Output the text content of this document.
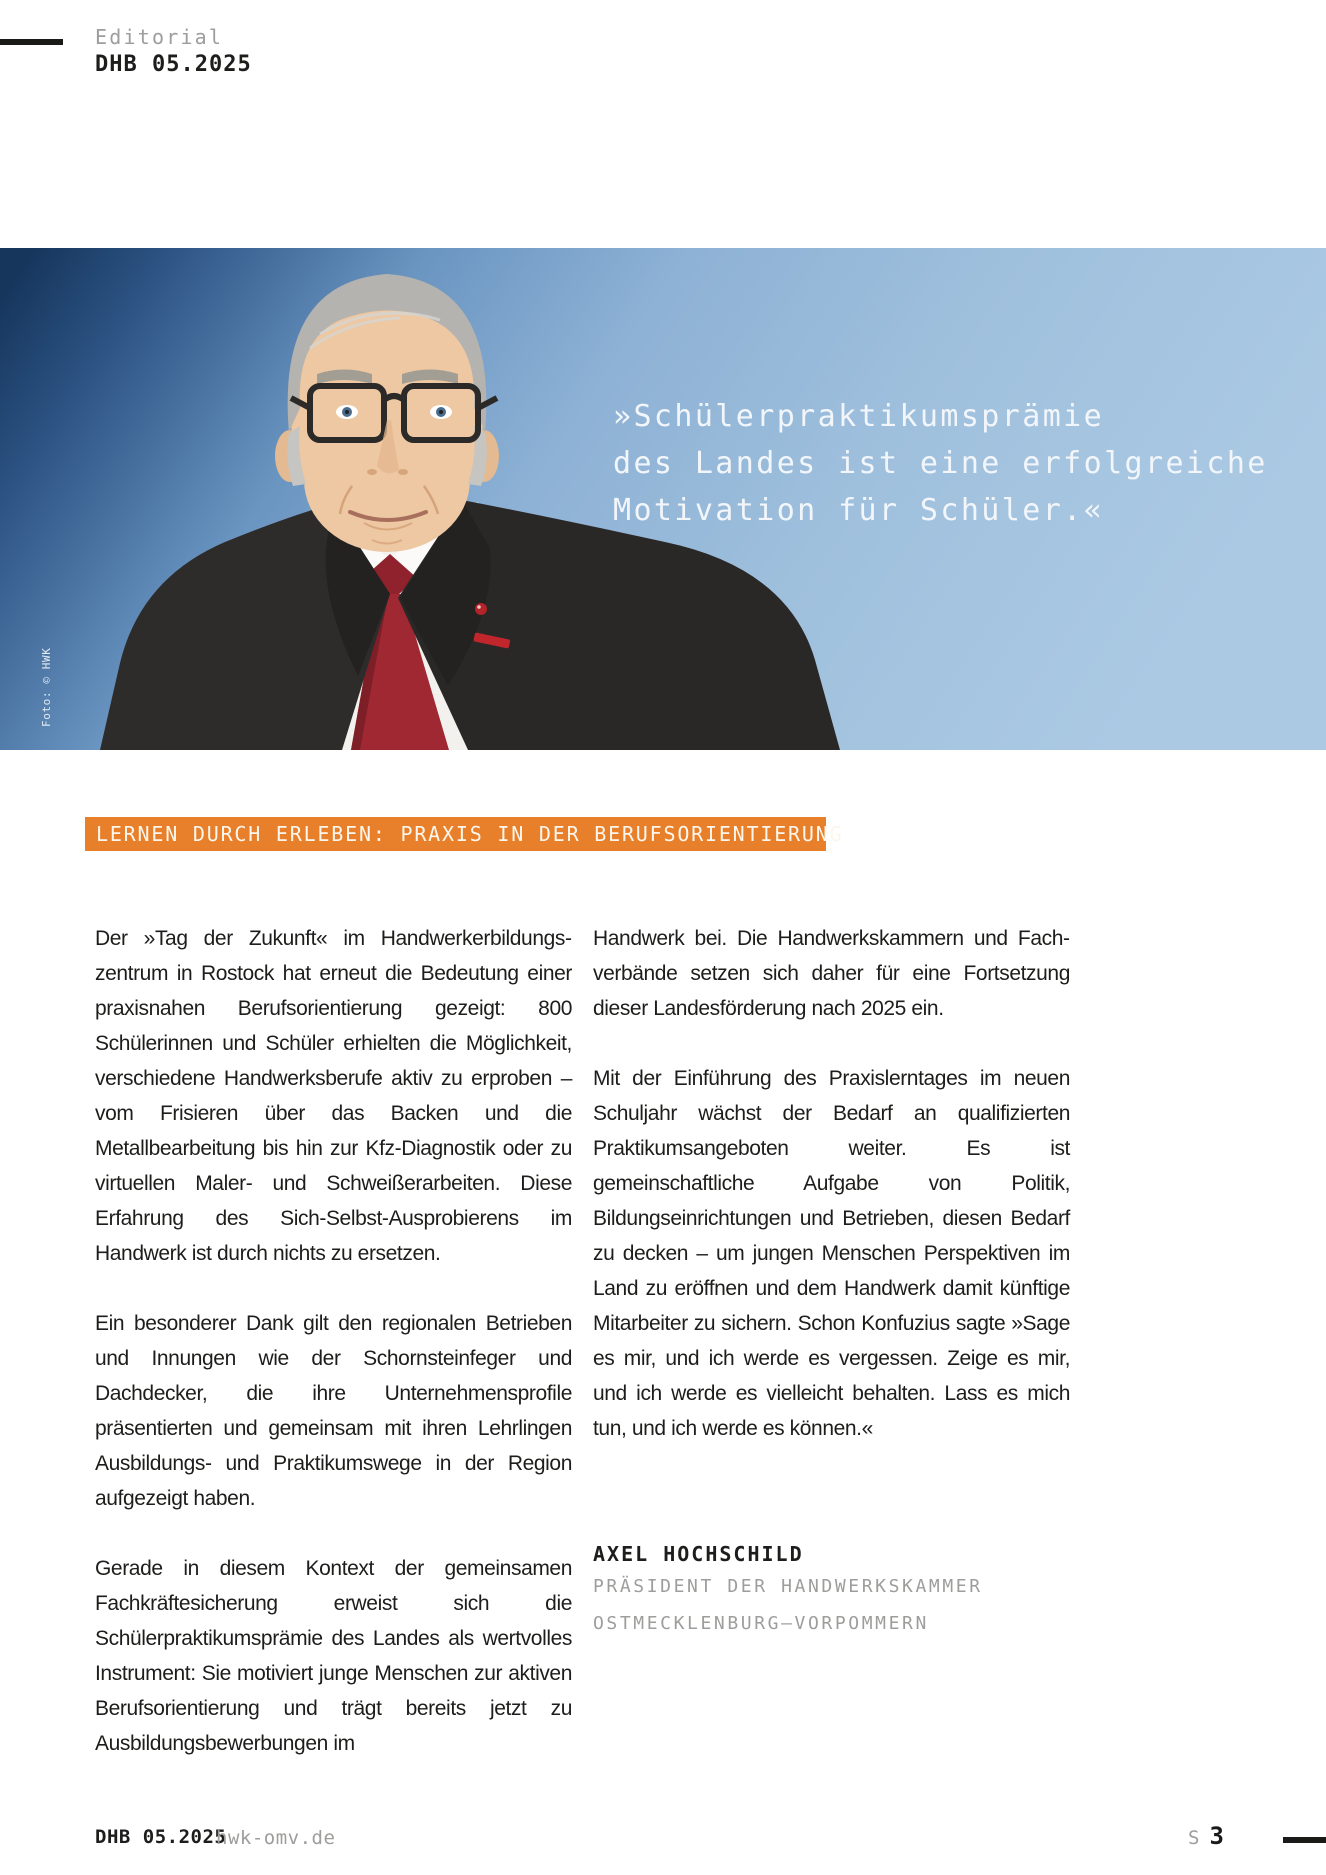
Editorial
DHB 05.2025
»Schülerpraktikumsprämie
des Landes ist eine erfolgreiche
Motivation für Schüler.«
Foto: © HWK
LERNEN DURCH ERLEBEN: PRAXIS IN DER BERUFSORIENTIERUNG

Der »Tag der Zukunft« im Handwerkerbildungszentrum in Rostock hat erneut die Bedeutung einer praxisnahen Berufsorientierung gezeigt: 800 Schülerinnen und Schüler erhielten die Möglichkeit, verschiedene Handwerksberufe aktiv zu erproben – vom Frisieren über das Backen und die Metallbearbeitung bis hin zur Kfz-Diagnostik oder zu virtuellen Maler- und Schweißerarbeiten. Diese Erfahrung des Sich-Selbst-Ausprobierens im Handwerk ist durch nichts zu ersetzen.

Ein besonderer Dank gilt den regionalen Betrieben und Innungen wie der Schornsteinfeger und Dachdecker, die ihre Unternehmensprofile präsentierten und gemeinsam mit ihren Lehrlingen Ausbildungs- und Praktikumswege in der Region aufgezeigt haben.

Gerade in diesem Kontext der gemeinsamen Fachkräftesicherung erweist sich die Schülerpraktikumsprämie des Landes als wertvolles Instrument: Sie motiviert junge Menschen zur aktiven Berufsorientierung und trägt bereits jetzt zu Ausbildungsbewerbungen im

Handwerk bei. Die Handwerkskammern und Fachverbände setzen sich daher für eine Fortsetzung dieser Landesförderung nach 2025 ein.

Mit der Einführung des Praxislerntages im neuen Schuljahr wächst der Bedarf an qualifizierten Praktikumsangeboten weiter. Es ist gemeinschaftliche Aufgabe von Politik, Bildungseinrichtungen und Betrieben, diesen Bedarf zu decken – um jungen Menschen Perspektiven im Land zu eröffnen und dem Handwerk damit künftige Mitarbeiter zu sichern. Schon Konfuzius sagte »Sage es mir, und ich werde es vergessen. Zeige es mir, und ich werde es vielleicht behalten. Lass es mich tun, und ich werde es können.«

AXEL HOCHSCHILD
PRÄSIDENT DER HANDWERKSKAMMER
OSTMECKLENBURG–VORPOMMERN
DHB 05.2025
hwk-omv.de	S 3
